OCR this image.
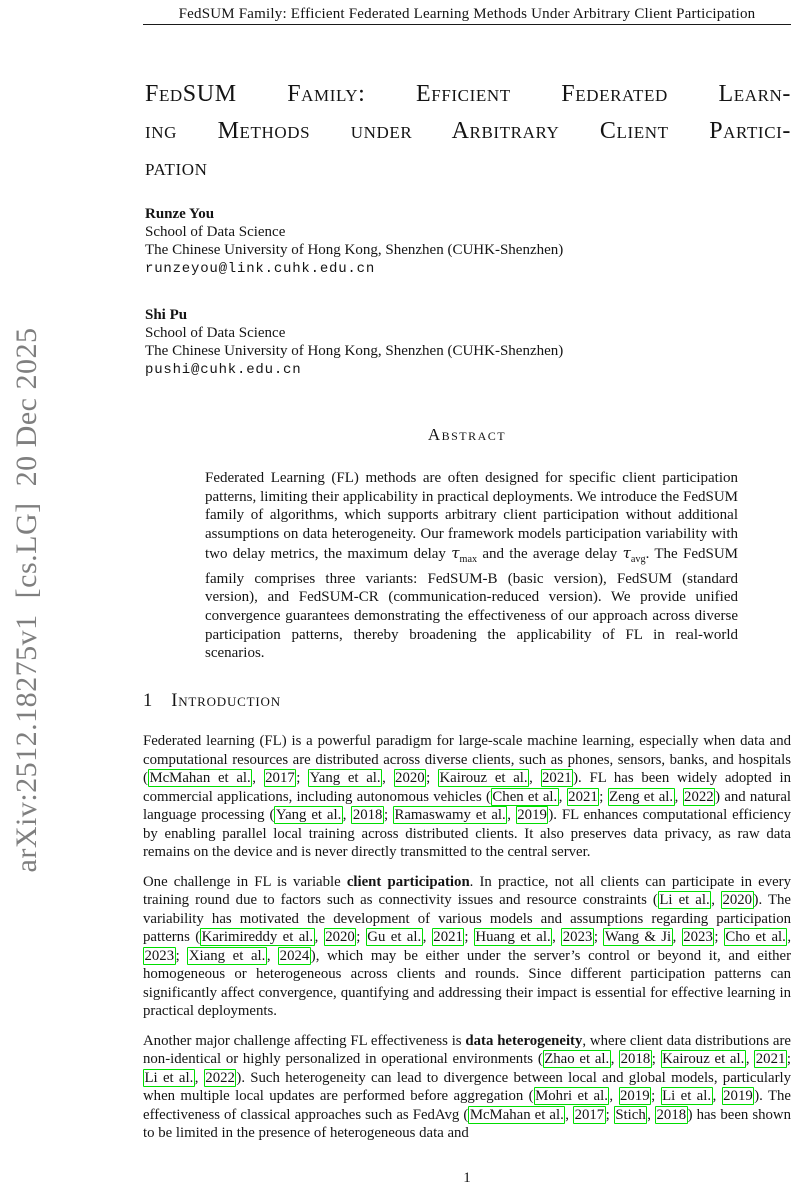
arXiv:2512.18275v1  [cs.LG]  20 Dec 2025
FedSUM Family: Efficient Federated Learning Methods Under Arbitrary Client Participation
FedSUM Family: Efficient Federated Learn-
ing Methods under Arbitrary Client Partici-
pation
Runze You
School of Data Science
The Chinese University of Hong Kong, Shenzhen (CUHK-Shenzhen)
runzeyou@link.cuhk.edu.cn
Shi Pu
School of Data Science
The Chinese University of Hong Kong, Shenzhen (CUHK-Shenzhen)
pushi@cuhk.edu.cn
Abstract

Federated Learning (FL) methods are often designed for specific client participation patterns, limiting their applicability in practical deployments. We introduce the FedSUM family of algorithms, which supports arbitrary client participation without additional assumptions on data heterogeneity. Our framework models participation variability with two delay metrics, the maximum delay $\tau_{max}$ and the average delay $\tau_{avg}$. The FedSUM family comprises three variants: FedSUM-B (basic version), FedSUM (standard version), and FedSUM-CR (communication-reduced version). We provide unified convergence guarantees demonstrating the effectiveness of our approach across diverse participation patterns, thereby broadening the applicability of FL in real-world scenarios.

1 Introduction

Federated learning (FL) is a powerful paradigm for large-scale machine learning, especially when data and computational resources are distributed across diverse clients, such as phones, sensors, banks, and hospitals ( McMahan et al. , 2017 ; Yang et al. , 2020 ; Kairouz et al. , 2021 ). FL has been widely adopted in commercial applications, including autonomous vehicles ( Chen et al. , 2021 ; Zeng et al. , 2022 ) and natural language processing ( Yang et al. , 2018 ; Ramaswamy et al. , 2019 ). FL enhances computational efficiency by enabling parallel local training across distributed clients. It also preserves data privacy, as raw data remains on the device and is never directly transmitted to the central server.

One challenge in FL is variable client participation. In practice, not all clients can participate in every training round due to factors such as connectivity issues and resource constraints ( Li et al. , 2020 ). The variability has motivated the development of various models and assumptions regarding participation patterns ( Karimireddy et al. , 2020 ; Gu et al. , 2021 ; Huang et al. , 2023 ; Wang & Ji , 2023 ; Cho et al. , 2023 ; Xiang et al. , 2024 ), which may be either under the server’s control or beyond it, and either homogeneous or heterogeneous across clients and rounds. Since different participation patterns can significantly affect convergence, quantifying and addressing their impact is essential for effective learning in practical deployments.

Another major challenge affecting FL effectiveness is data heterogeneity, where client data distributions are non-identical or highly personalized in operational environments ( Zhao et al. , 2018 ; Kairouz et al. , 2021 ; Li et al. , 2022 ). Such heterogeneity can lead to divergence between local and global models, particularly when multiple local updates are performed before aggregation ( Mohri et al. , 2019 ; Li et al. , 2019 ). The effectiveness of classical approaches such as FedAvg ( McMahan et al. , 2017 ; Stich , 2018 ) has been shown to be limited in the presence of heterogeneous data and

1
